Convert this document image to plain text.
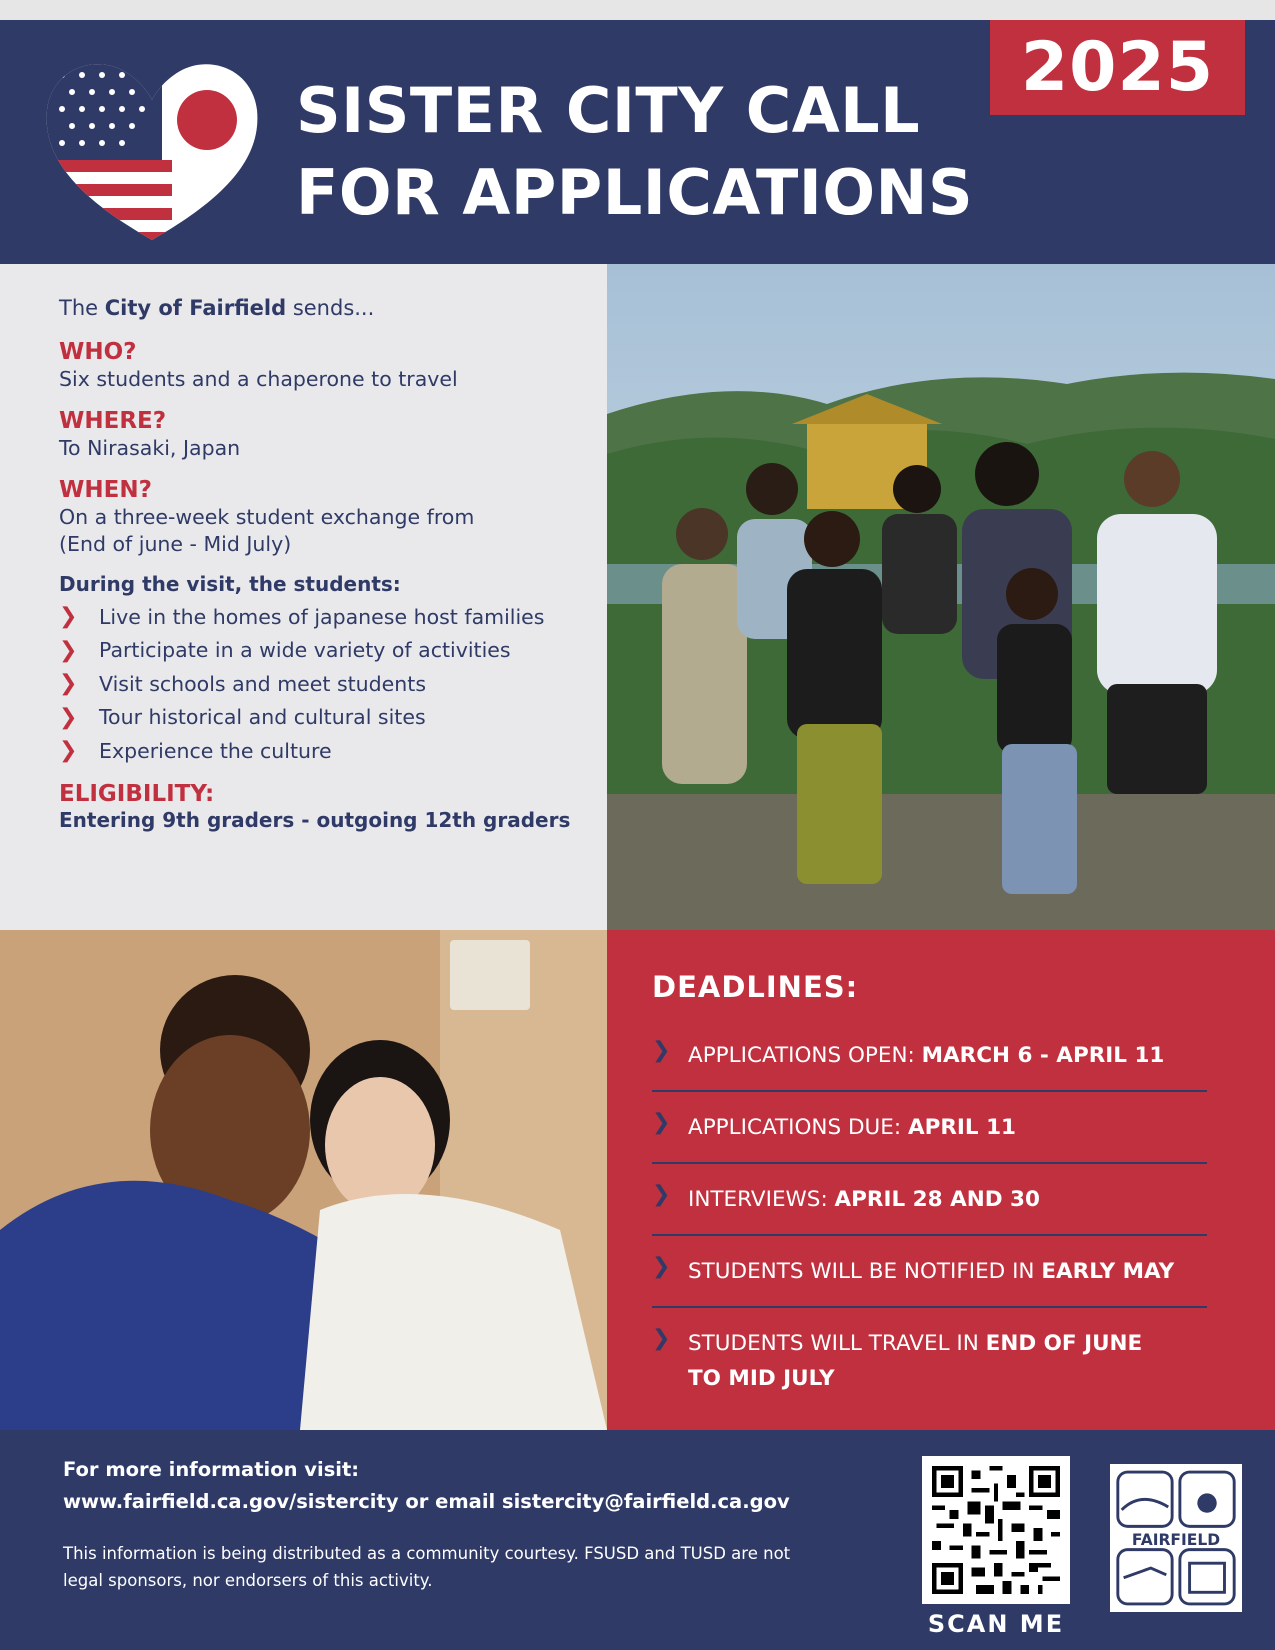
2025
SISTER CITY CALL
FOR APPLICATIONS
The City of Fairfield sends...
WHO?
Six students and a chaperone to travel
WHERE?
To Nirasaki, Japan
WHEN?
On a three-week student exchange from
(End of june - Mid July)
During the visit, the students:
❯	Live in the homes of japanese host families
❯	Participate in a wide variety of activities
❯	Visit schools and meet students
❯	Tour historical and cultural sites
❯	Experience the culture
ELIGIBILITY:
Entering 9th graders - outgoing 12th graders
DEADLINES:
❯ APPLICATIONS OPEN: MARCH 6 - APRIL 11
❯ APPLICATIONS DUE: APRIL 11
❯ INTERVIEWS: APRIL 28 AND 30
❯ STUDENTS WILL BE NOTIFIED IN EARLY MAY
❯ STUDENTS WILL TRAVEL IN END OF JUNE
TO MID JULY
For more information visit:
www.fairfield.ca.gov/sistercity or email sistercity@fairfield.ca.gov
This information is being distributed as a community courtesy. FSUSD and TUSD are not legal sponsors, nor endorsers of this activity.
SCAN ME
FAIRFIELD
